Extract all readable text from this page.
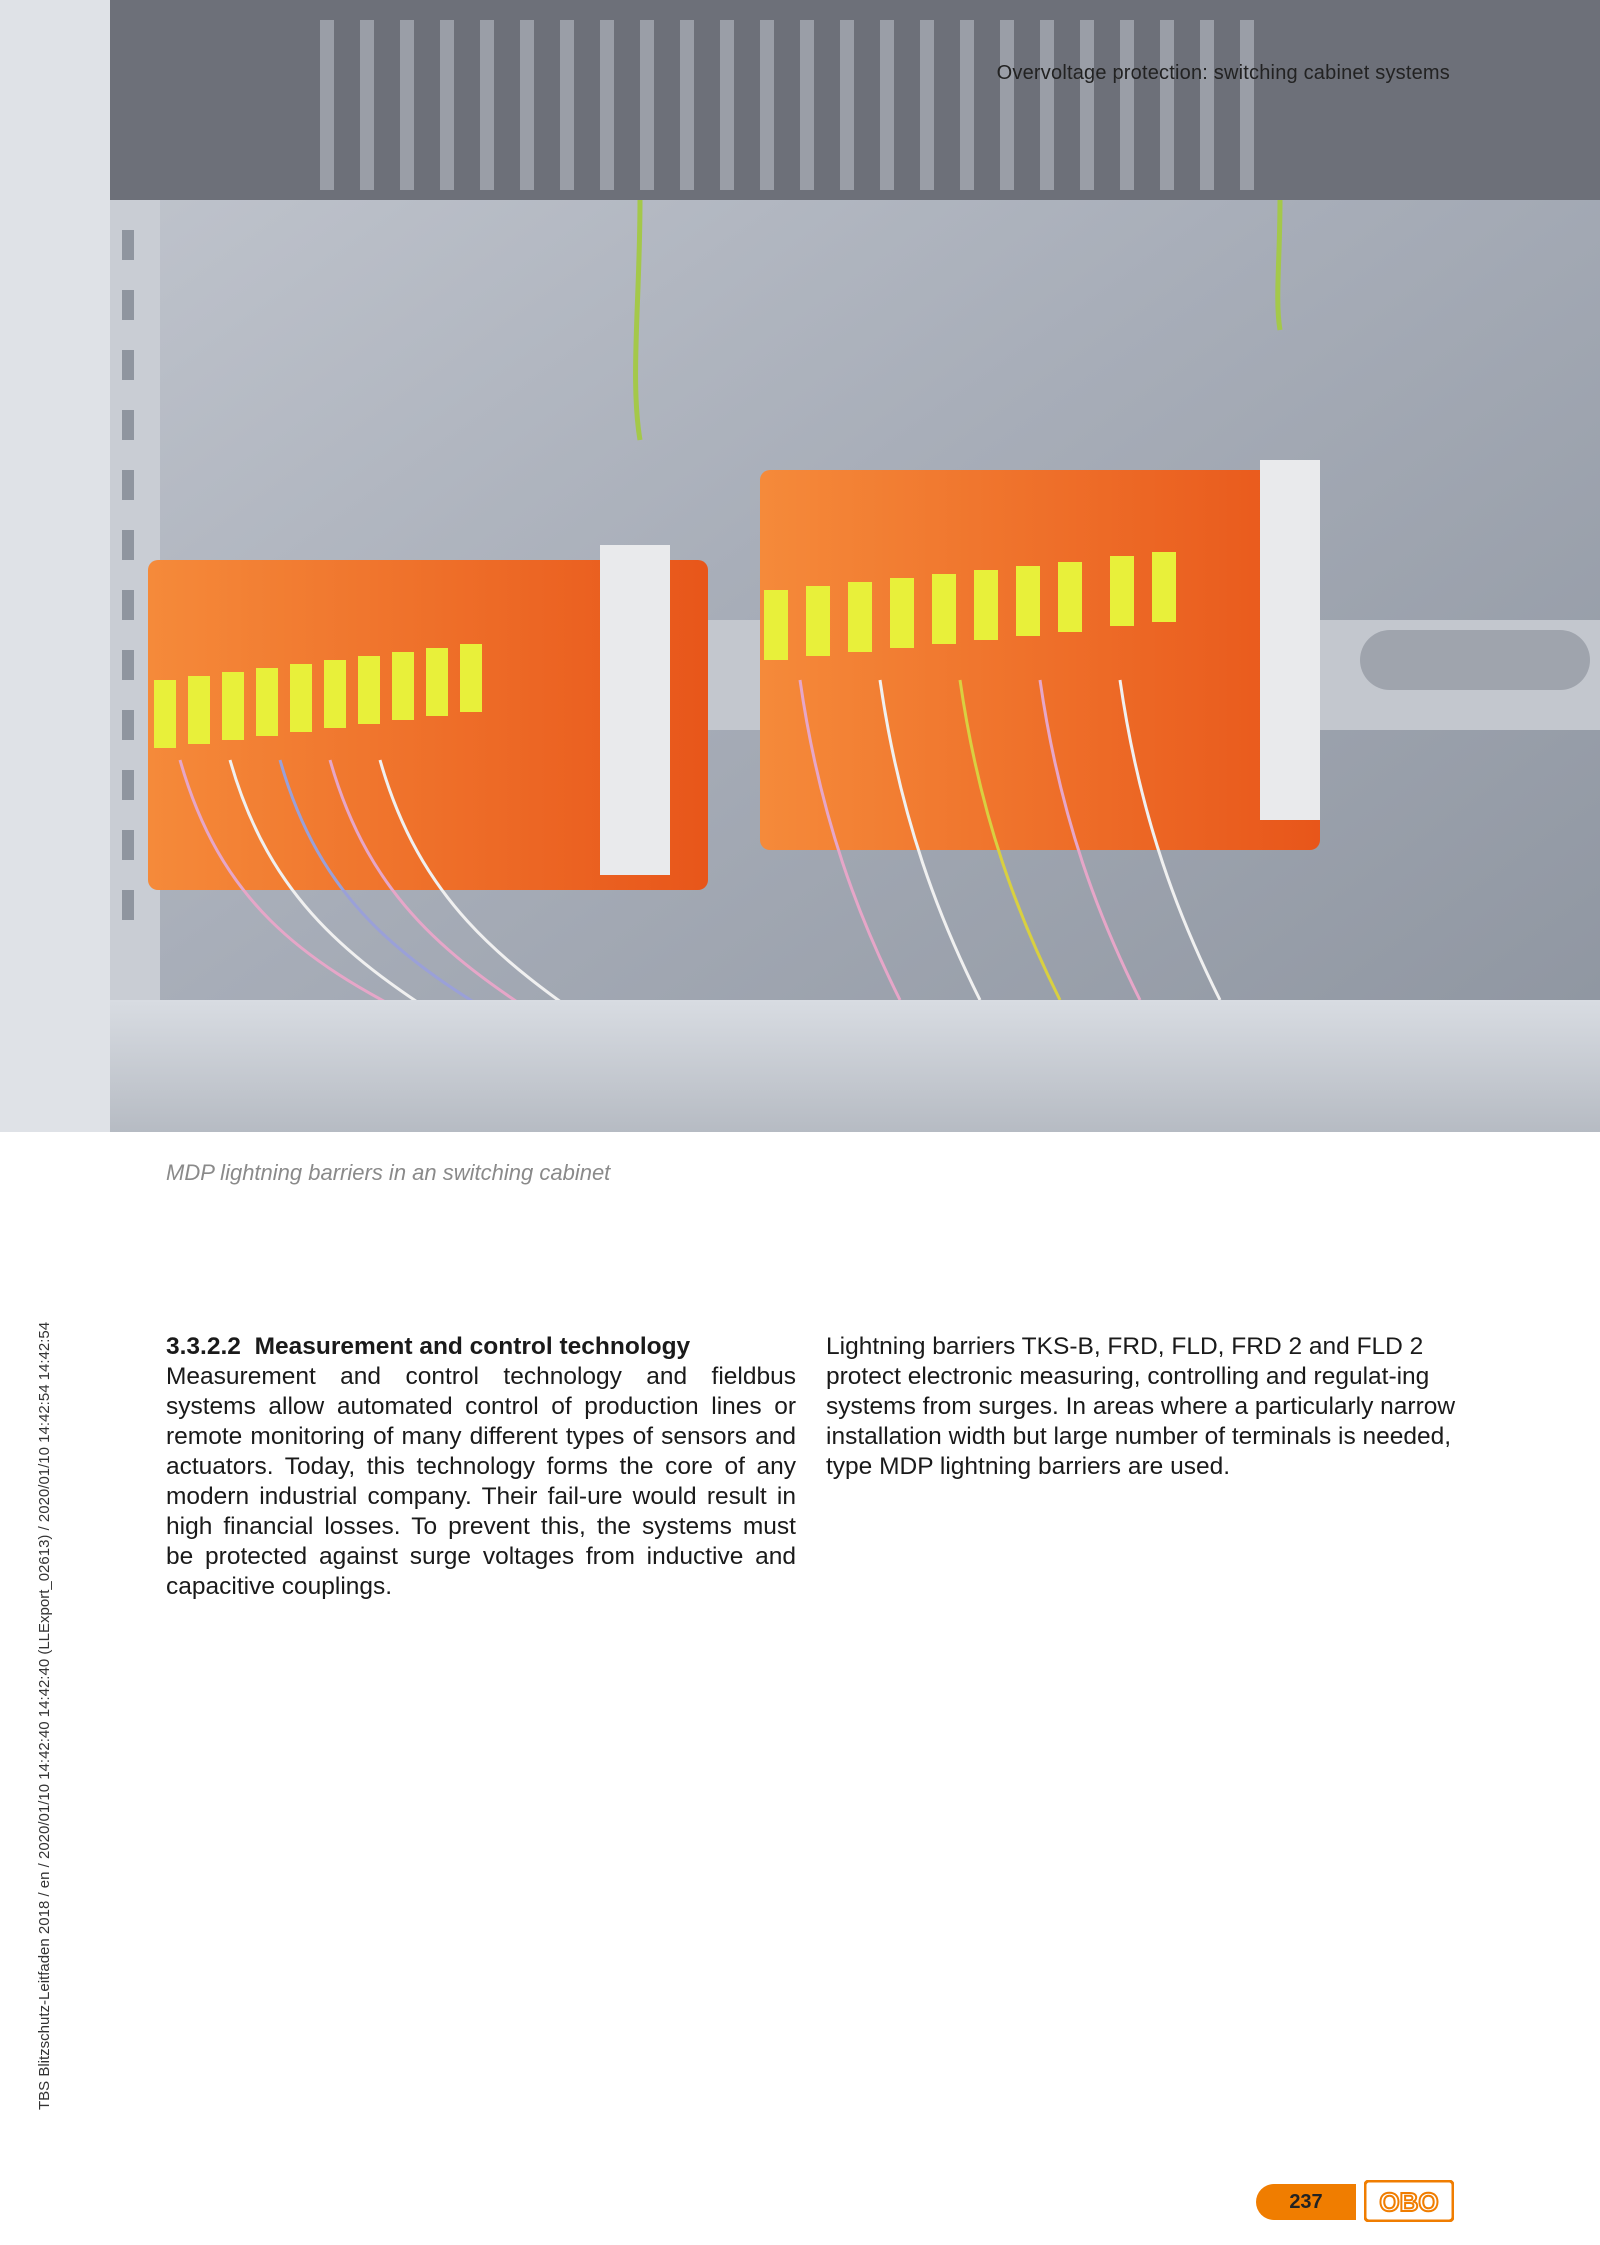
Overvoltage protection: switching cabinet systems
MDP lightning barriers in an switching cabinet
TBS Blitzschutz-Leitfaden 2018 / en / 2020/01/10 14:42:40 14:42:40 (LLExport_02613) / 2020/01/10 14:42:54 14:42:54	3.3.2.2 Measurement and control technology
Measurement and control technology and fieldbus systems allow automated control of production lines or remote monitoring of many different types of sensors and actuators. Today, this technology forms the core of any modern industrial company. Their fail-ure would result in high financial losses. To prevent this, the systems must be protected against surge voltages from inductive and capacitive couplings.
Lightning barriers TKS-B, FRD, FLD, FRD 2 and FLD 2 protect electronic measuring, controlling and regulat-ing systems from surges. In areas where a particularly narrow installation width but large number of terminals is needed, type MDP lightning barriers are used.
237 OBO
